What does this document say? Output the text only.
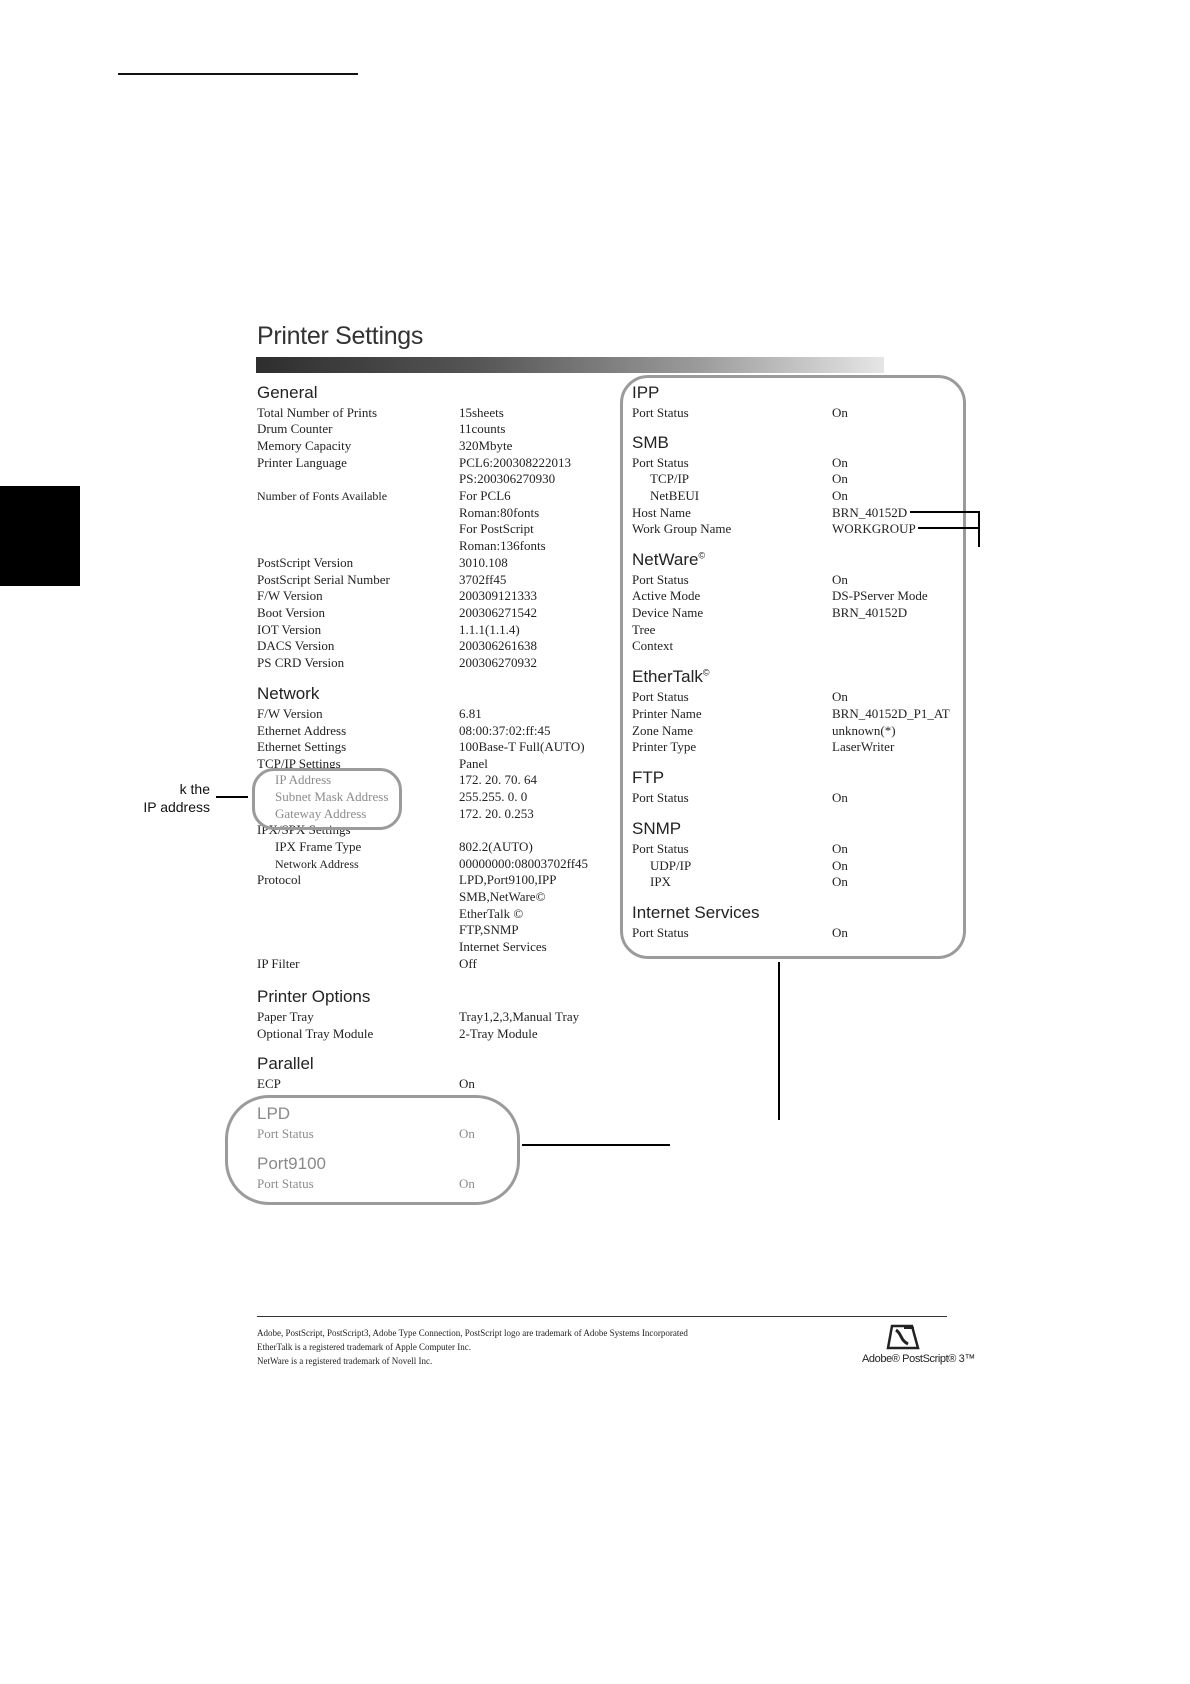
Printer Settings
General
Total Number of Prints	15sheets
Drum Counter	11counts
Memory Capacity	320Mbyte
Printer Language	PCL6:200308222013
PS:200306270930
Number of Fonts Available	For PCL6
Roman:80fonts
For PostScript
Roman:136fonts
PostScript Version	3010.108
PostScript Serial Number	3702ff45
F/W Version	200309121333
Boot Version	200306271542
IOT Version	1.1.1(1.1.4)
DACS Version	200306261638
PS CRD Version	200306270932
Network
F/W Version	6.81
Ethernet Address	08:00:37:02:ff:45
Ethernet Settings	100Base-T Full(AUTO)
TCP/IP Settings	Panel
IP Address	172. 20. 70. 64
Subnet Mask Address	255.255. 0. 0
Gateway Address	172. 20. 0.253
IPX/SPX Settings
IPX Frame Type	802.2(AUTO)
Network Address	00000000:08003702ff45
Protocol	LPD,Port9100,IPP
SMB,NetWare©
EtherTalk ©
FTP,SNMP
Internet Services
IP Filter	Off
Printer Options
Paper Tray	Tray1,2,3,Manual Tray
Optional Tray Module	2-Tray Module
Parallel
ECP	On
LPD
Port Status	On
Port9100
Port Status	On
IPP
Port Status	On
SMB
Port Status	On
TCP/IP	On
NetBEUI	On
Host Name	BRN_40152D
Work Group Name	WORKGROUP
NetWare©
Port Status	On
Active Mode	DS-PServer Mode
Device Name	BRN_40152D
Tree
Context
EtherTalk©
Port Status	On
Printer Name	BRN_40152D_P1_AT
Zone Name	unknown(*)
Printer Type	LaserWriter
FTP
Port Status	On
SNMP
Port Status	On
UDP/IP	On
IPX	On
Internet Services
Port Status	On
k the
IP address
Adobe, PostScript, PostScript3, Adobe Type Connection, PostScript logo are trademark of Adobe Systems Incorporated
EtherTalk is a registered trademark of Apple Computer Inc.
NetWare is a registered trademark of Novell Inc.	Adobe® PostScript® 3™
